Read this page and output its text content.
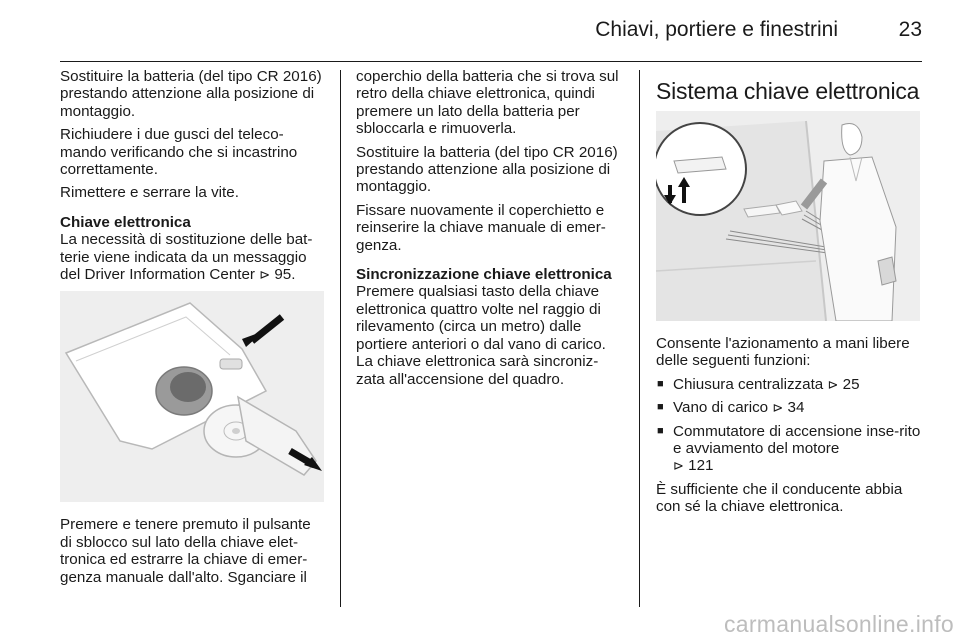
Chiavi, portiere e finestrini	23

Sostituire la batteria (del tipo CR 2016) prestando attenzione alla posizione di montaggio.

Richiudere i due gusci del teleco-mando verificando che si incastrino correttamente.

Rimettere e serrare la vite.

Chiave elettronica

La necessità di sostituzione delle bat-terie viene indicata da un messaggio del Driver Information Center ⊳ 95.

Premere e tenere premuto il pulsante di sblocco sul lato della chiave elet-tronica ed estrarre la chiave di emer-genza manuale dall'alto. Sganciare il

coperchio della batteria che si trova sul retro della chiave elettronica, quindi premere un lato della batteria per sbloccarla e rimuoverla.

Sostituire la batteria (del tipo CR 2016) prestando attenzione alla posizione di montaggio.

Fissare nuovamente il coperchietto e reinserire la chiave manuale di emer-genza.

Sincronizzazione chiave elettronica

Premere qualsiasi tasto della chiave elettronica quattro volte nel raggio di rilevamento (circa un metro) dalle portiere anteriori o dal vano di carico. La chiave elettronica sarà sincroniz-zata all'accensione del quadro.

Sistema chiave elettronica

Consente l'azionamento a mani libere delle seguenti funzioni:

■ Chiusura centralizzata ⊳ 25
■ Vano di carico ⊳ 34
■ Commutatore di accensione inse-rito e avviamento del motore
⊳ 121

È sufficiente che il conducente abbia con sé la chiave elettronica.

carmanualsonline.info
